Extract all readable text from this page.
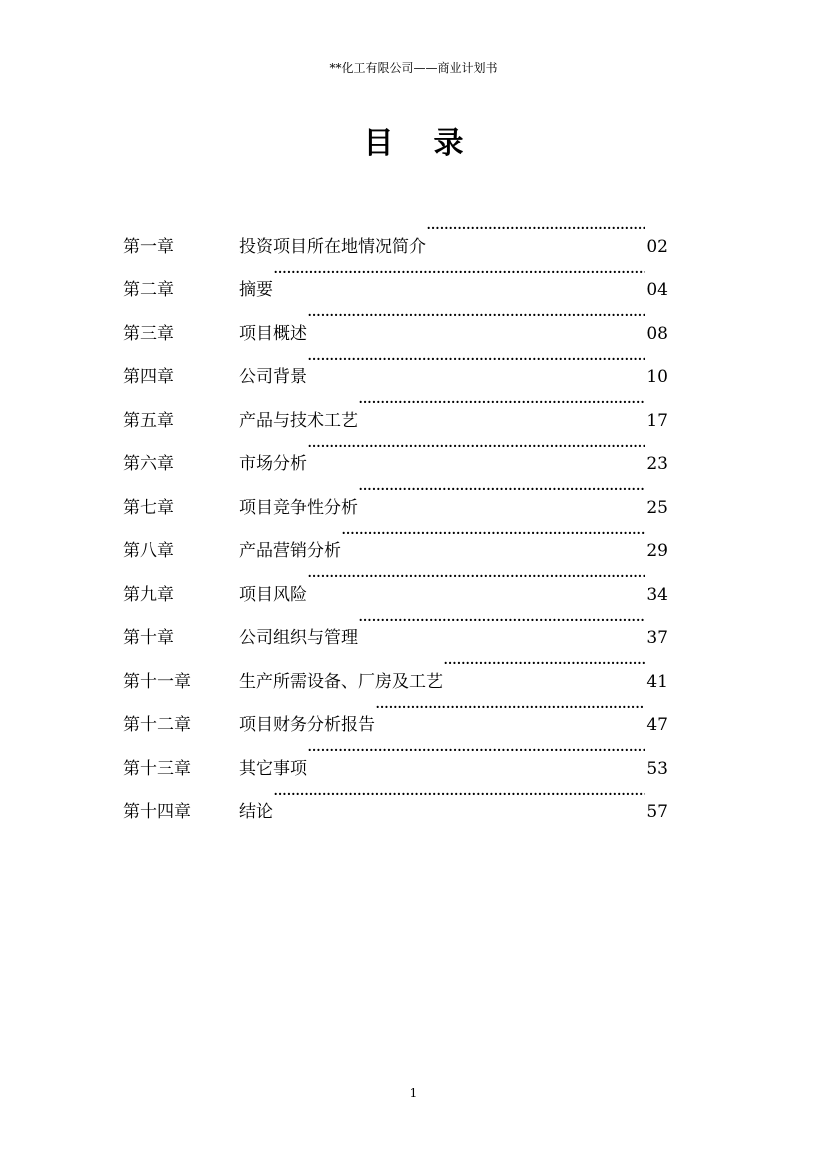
**化工有限公司——商业计划书
目录
第一章	投资项目所在地情况简介 ·····	02
第二章	摘要 ·····	04
第三章	项目概述 ·····	08
第四章	公司背景 ·····	10
第五章	产品与技术工艺 ·····	17
第六章	市场分析 ·····	23
第七章	项目竞争性分析 ·····	25
第八章	产品营销分析 ·····	29
第九章	项目风险 ·····	34
第十章	公司组织与管理 ·····	37
第十一章	生产所需设备、厂房及工艺 ·····	41
第十二章	项目财务分析报告 ·····	47
第十三章	其它事项 ·····	53
第十四章	结论 ·····	57
1
